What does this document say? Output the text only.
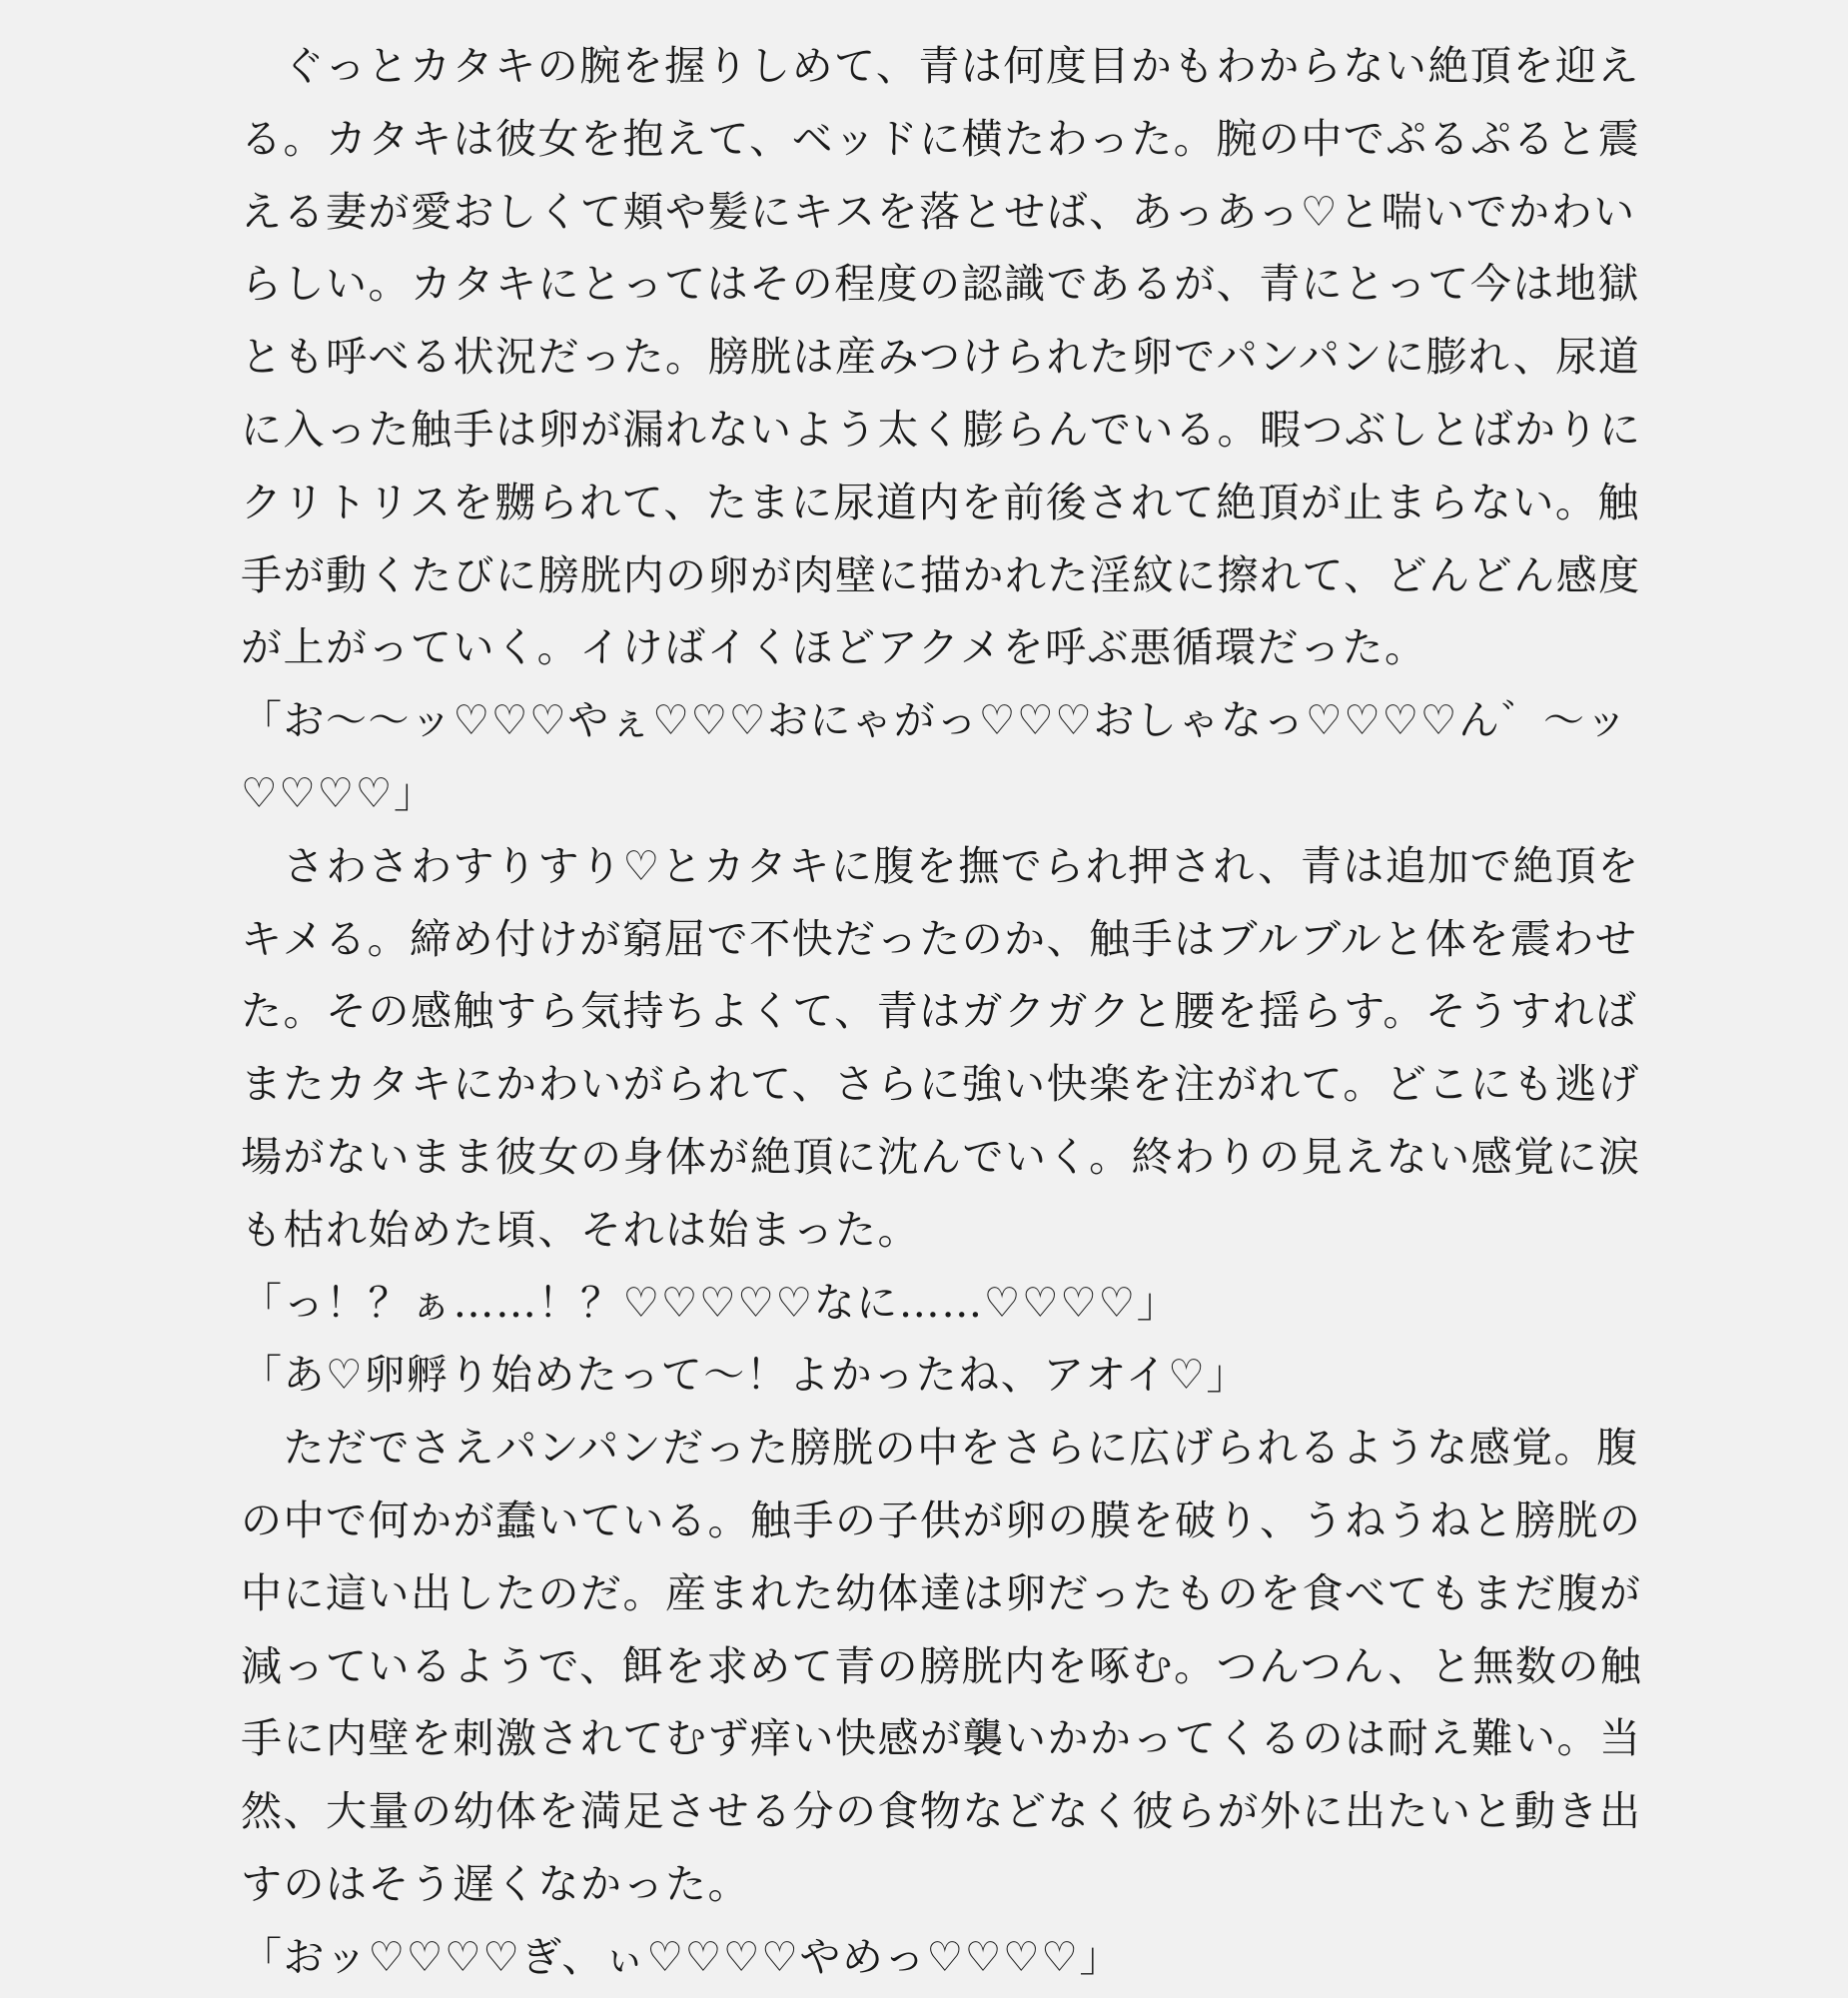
　ぐっとカタキの腕を握りしめて、青は何度目かもわからない絶頂を迎え
る。カタキは彼女を抱えて、ベッドに横たわった。腕の中でぷるぷると震
える妻が愛おしくて頬や髪にキスを落とせば、あっあっ♡と喘いでかわい
らしい。カタキにとってはその程度の認識であるが、青にとって今は地獄
とも呼べる状況だった。膀胱は産みつけられた卵でパンパンに膨れ、尿道
に入った触手は卵が漏れないよう太く膨らんでいる。暇つぶしとばかりに
クリトリスを嬲られて、たまに尿道内を前後されて絶頂が止まらない。触
手が動くたびに膀胱内の卵が肉壁に描かれた淫紋に擦れて、どんどん感度
が上がっていく。イけばイくほどアクメを呼ぶ悪循環だった。
「お〜〜ッ♡♡♡やぇ♡♡♡おにゃがっ♡♡♡おしゃなっ♡♡♡♡ん゛〜ッ
♡♡♡♡」
　さわさわすりすり♡とカタキに腹を撫でられ押され、青は追加で絶頂を
キメる。締め付けが窮屈で不快だったのか、触手はブルブルと体を震わせ
た。その感触すら気持ちよくて、青はガクガクと腰を揺らす。そうすれば
またカタキにかわいがられて、さらに強い快楽を注がれて。どこにも逃げ
場がないまま彼女の身体が絶頂に沈んでいく。終わりの見えない感覚に涙
も枯れ始めた頃、それは始まった。
「っ！？ぁ……！？♡♡♡♡♡なに……♡♡♡♡」
「あ♡卵孵り始めたって〜！よかったね、アオイ♡」
　ただでさえパンパンだった膀胱の中をさらに広げられるような感覚。腹
の中で何かが蠢いている。触手の子供が卵の膜を破り、うねうねと膀胱の
中に這い出したのだ。産まれた幼体達は卵だったものを食べてもまだ腹が
減っているようで、餌を求めて青の膀胱内を啄む。つんつん、と無数の触
手に内壁を刺激されてむず痒い快感が襲いかかってくるのは耐え難い。当
然、大量の幼体を満足させる分の食物などなく彼らが外に出たいと動き出
すのはそう遅くなかった。
「おッ♡♡♡♡ぎ、ぃ♡♡♡♡やめっ♡♡♡♡」
